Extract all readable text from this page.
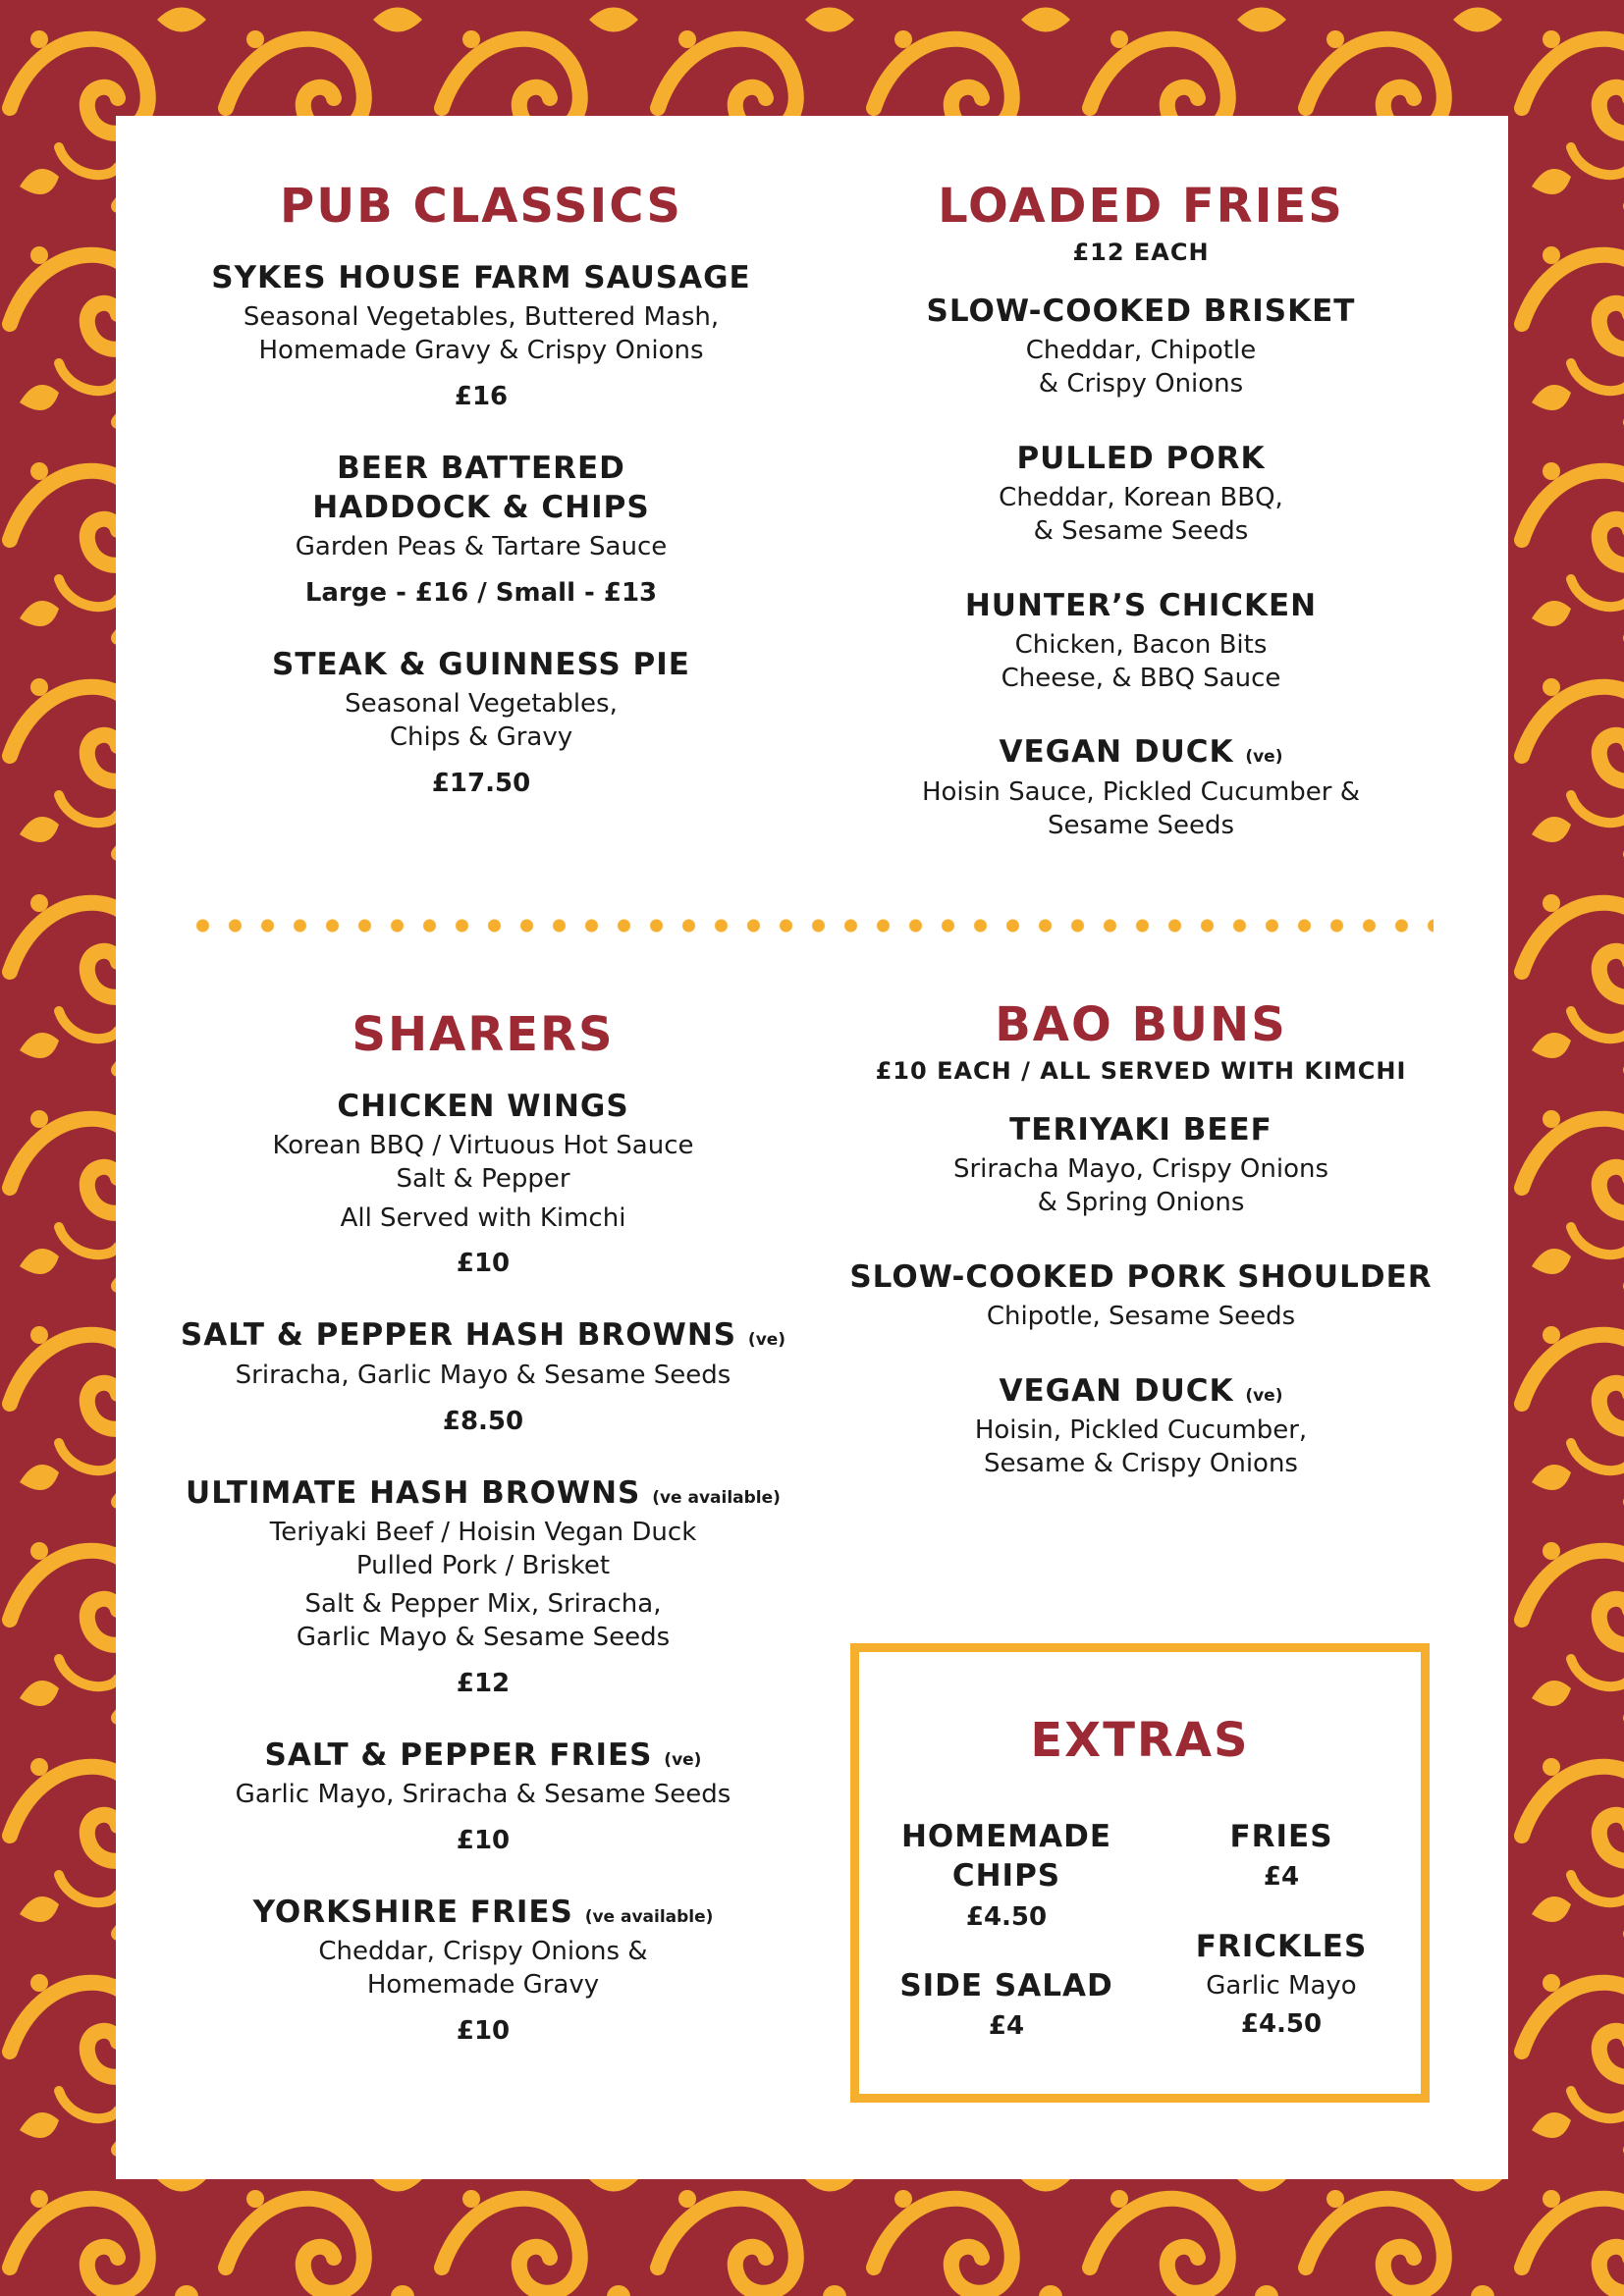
PUB CLASSICS
SYKES HOUSE FARM SAUSAGE
Seasonal Vegetables, Buttered Mash,
Homemade Gravy & Crispy Onions
£16
BEER BATTERED
HADDOCK & CHIPS
Garden Peas & Tartare Sauce
Large - £16 / Small - £13
STEAK & GUINNESS PIE
Seasonal Vegetables,
Chips & Gravy
£17.50
LOADED FRIES
£12 EACH
SLOW-COOKED BRISKET
Cheddar, Chipotle
& Crispy Onions
PULLED PORK
Cheddar, Korean BBQ,
& Sesame Seeds
HUNTER’S CHICKEN
Chicken, Bacon Bits
Cheese, & BBQ Sauce
VEGAN DUCK (ve)
Hoisin Sauce, Pickled Cucumber &
Sesame Seeds
SHARERS
CHICKEN WINGS
Korean BBQ / Virtuous Hot Sauce
Salt & Pepper
All Served with Kimchi
£10
SALT & PEPPER HASH BROWNS (ve)
Sriracha, Garlic Mayo & Sesame Seeds
£8.50
ULTIMATE HASH BROWNS (ve available)
Teriyaki Beef / Hoisin Vegan Duck
Pulled Pork / Brisket
Salt & Pepper Mix, Sriracha,
Garlic Mayo & Sesame Seeds
£12
SALT & PEPPER FRIES (ve)
Garlic Mayo, Sriracha & Sesame Seeds
£10
YORKSHIRE FRIES (ve available)
Cheddar, Crispy Onions &
Homemade Gravy
£10
BAO BUNS
£10 EACH / ALL SERVED WITH KIMCHI
TERIYAKI BEEF
Sriracha Mayo, Crispy Onions
& Spring Onions
SLOW-COOKED PORK SHOULDER
Chipotle, Sesame Seeds
VEGAN DUCK (ve)
Hoisin, Pickled Cucumber,
Sesame & Crispy Onions
EXTRAS
HOMEMADE
CHIPS
£4.50
FRIES
£4
SIDE SALAD
£4
FRICKLES
Garlic Mayo
£4.50
